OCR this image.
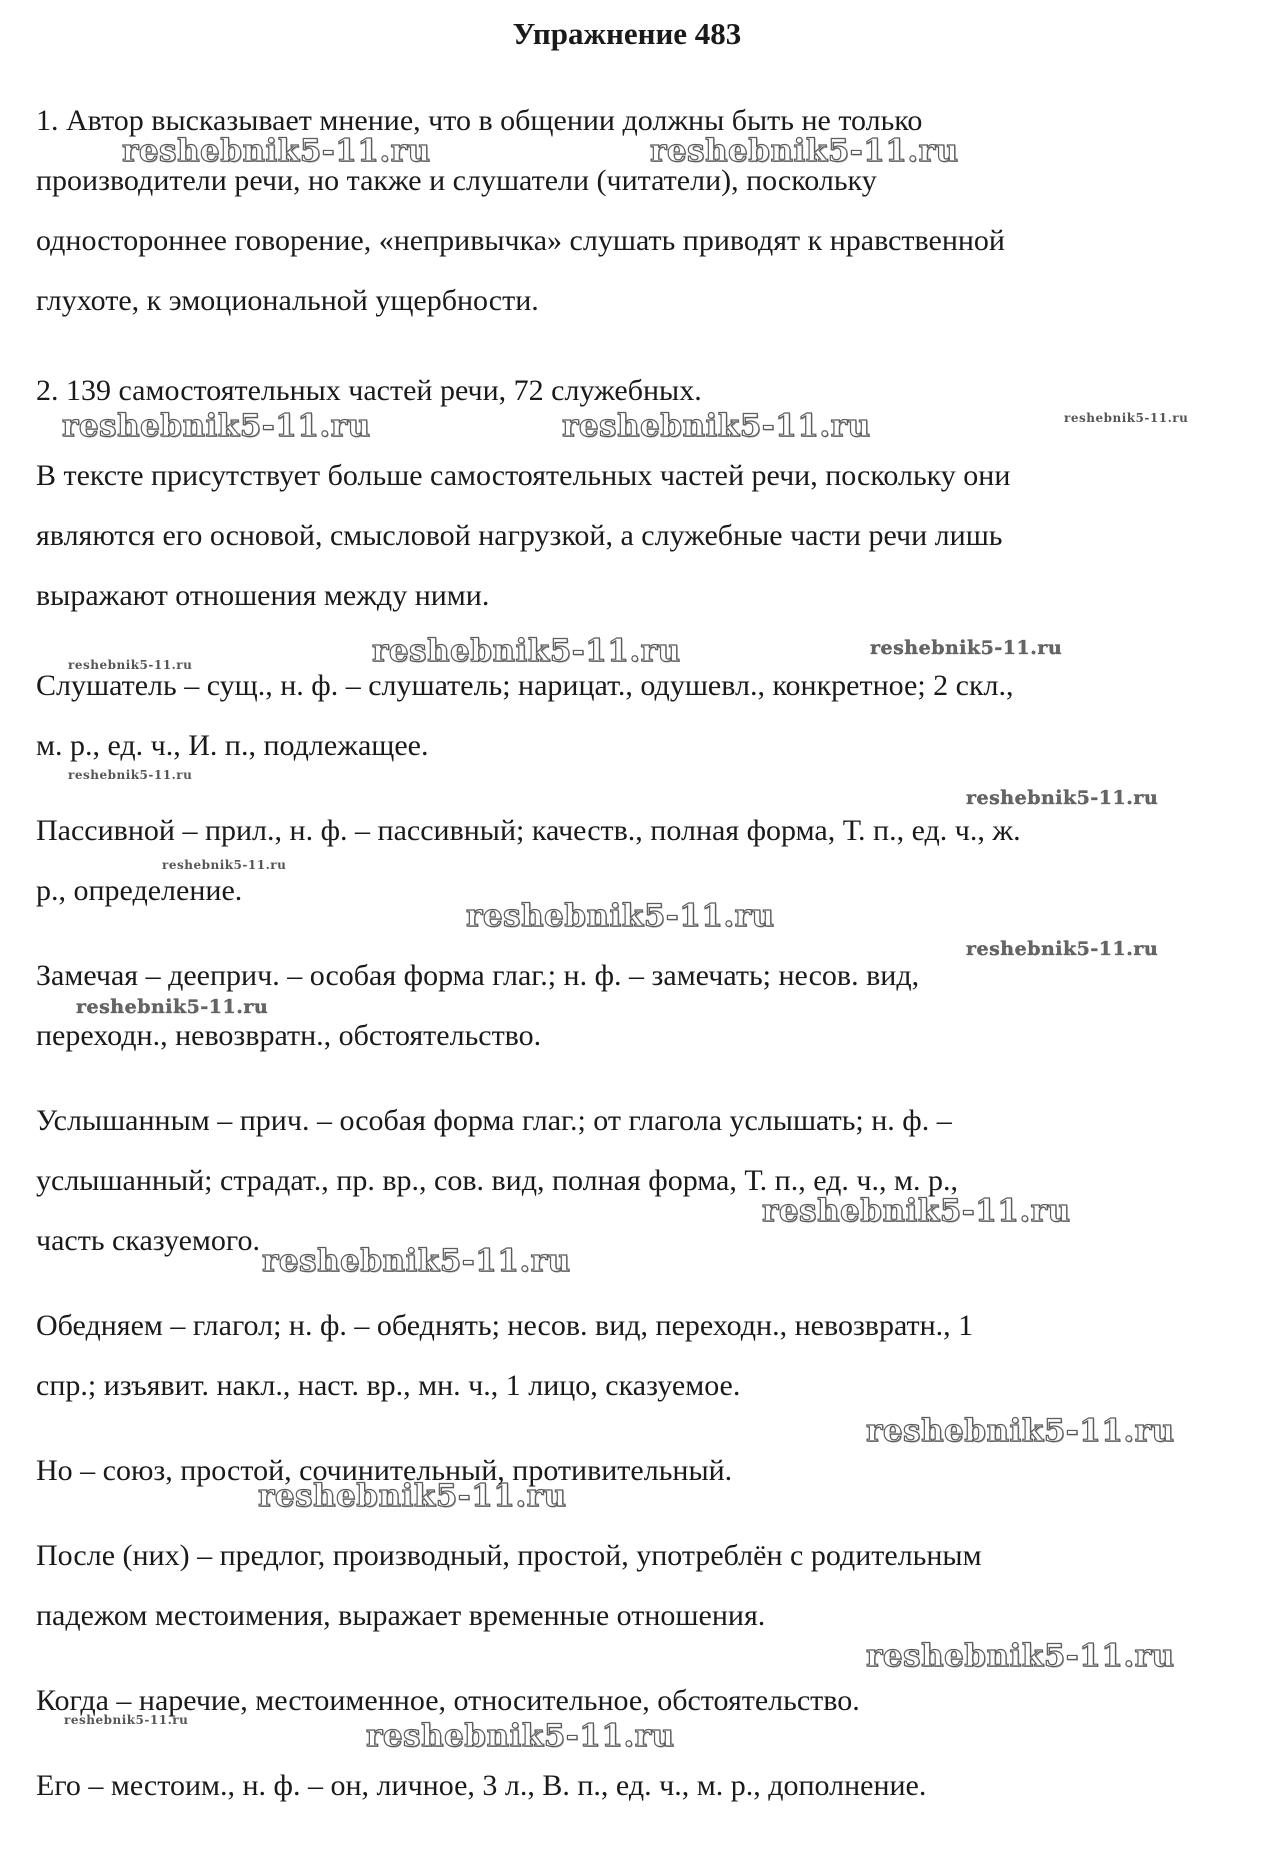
Упражнение 483
1. Автор высказывает мнение, что в общении должны быть не только
производители речи, но также и слушатели (читатели), поскольку
одностороннее говорение, «непривычка» слушать приводят к нравственной
глухоте, к эмоциональной ущербности.
2. 139 самостоятельных частей речи, 72 служебных.
В тексте присутствует больше самостоятельных частей речи, поскольку они
являются его основой, смысловой нагрузкой, а служебные части речи лишь
выражают отношения между ними.
Слушатель – сущ., н. ф. – слушатель; нарицат., одушевл., конкретное; 2 скл.,
м. р., ед. ч., И. п., подлежащее.
Пассивной – прил., н. ф. – пассивный; качеств., полная форма, Т. п., ед. ч., ж.
р., определение.
Замечая – дееприч. – особая форма глаг.; н. ф. – замечать; несов. вид,
переходн., невозвратн., обстоятельство.
Услышанным – прич. – особая форма глаг.; от глагола услышать; н. ф. –
услышанный; страдат., пр. вр., сов. вид, полная форма, Т. п., ед. ч., м. р.,
часть сказуемого.
Обедняем – глагол; н. ф. – обеднять; несов. вид, переходн., невозвратн., 1
спр.; изъявит. накл., наст. вр., мн. ч., 1 лицо, сказуемое.
Но – союз, простой, сочинительный, противительный.
После (них) – предлог, производный, простой, употреблён с родительным
падежом местоимения, выражает временные отношения.
Когда – наречие, местоименное, относительное, обстоятельство.
Его – местоим., н. ф. – он, личное, 3 л., В. п., ед. ч., м. р., дополнение.
reshebnik5-11.ru	reshebnik5-11.ru
reshebnik5-11.ru	reshebnik5-11.ru	reshebnik5-11.ru
reshebnik5-11.ru	reshebnik5-11.ru
reshebnik5-11.ru
reshebnik5-11.ru
reshebnik5-11.ru
reshebnik5-11.ru
reshebnik5-11.ru
reshebnik5-11.ru
reshebnik5-11.ru
reshebnik5-11.ru
reshebnik5-11.ru
reshebnik5-11.ru
reshebnik5-11.ru
reshebnik5-11.ru
reshebnik5-11.ru	reshebnik5-11.ru
